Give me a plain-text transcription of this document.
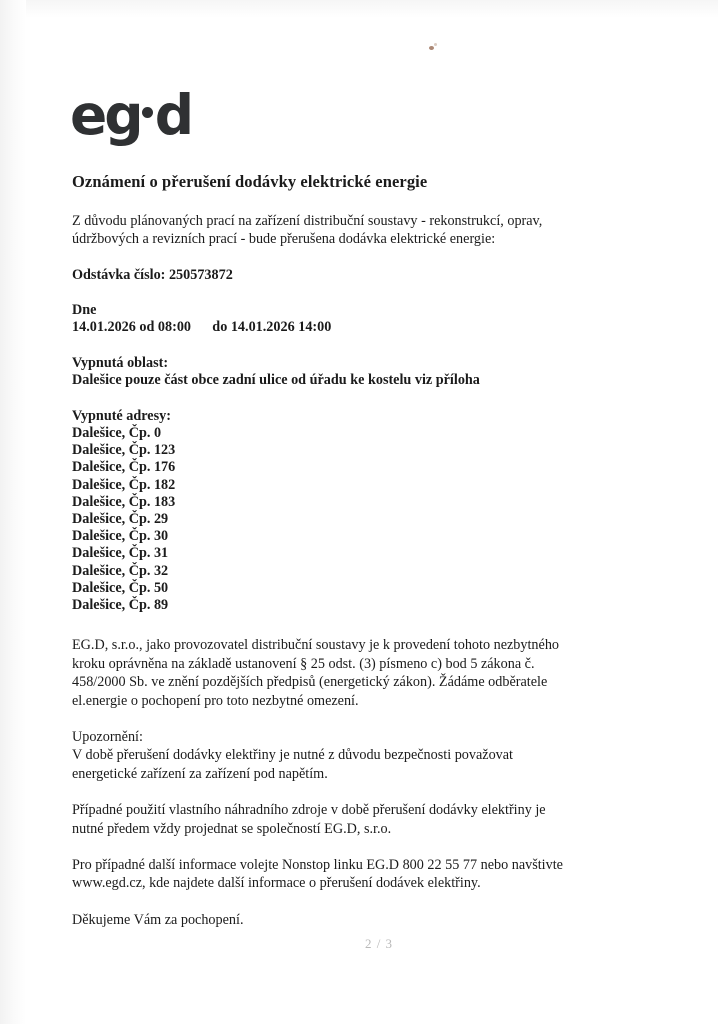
eg d
Oznámení o přerušení dodávky elektrické energie

Z důvodu plánovaných prací na zařízení distribuční soustavy - rekonstrukcí, oprav, údržbových a revizních prací - bude přerušena dodávka elektrické energie:

Odstávka číslo: 250573872
Dne
14.01.2026 od 08:00      do 14.01.2026 14:00
Vypnutá oblast:
Dalešice pouze část obce zadní ulice od úřadu ke kostelu viz příloha
Vypnuté adresy:
Dalešice, Čp. 0
Dalešice, Čp. 123
Dalešice, Čp. 176
Dalešice, Čp. 182
Dalešice, Čp. 183
Dalešice, Čp. 29
Dalešice, Čp. 30
Dalešice, Čp. 31
Dalešice, Čp. 32
Dalešice, Čp. 50
Dalešice, Čp. 89

EG.D, s.r.o., jako provozovatel distribuční soustavy je k provedení tohoto nezbytného kroku oprávněna na základě ustanovení § 25 odst. (3) písmeno c) bod 5 zákona č. 458/2000 Sb. ve znění pozdějších předpisů (energetický zákon). Žádáme odběratele el.energie o pochopení pro toto nezbytné omezení.

Upozornění:

V době přerušení dodávky elektřiny je nutné z důvodu bezpečnosti považovat energetické zařízení za zařízení pod napětím.

Případné použití vlastního náhradního zdroje v době přerušení dodávky elektřiny je nutné předem vždy projednat se společností EG.D, s.r.o.

Pro případné další informace volejte Nonstop linku EG.D 800 22 55 77 nebo navštivte www.egd.cz, kde najdete další informace o přerušení dodávek elektřiny.

Děkujeme Vám za pochopení.

2 / 3
